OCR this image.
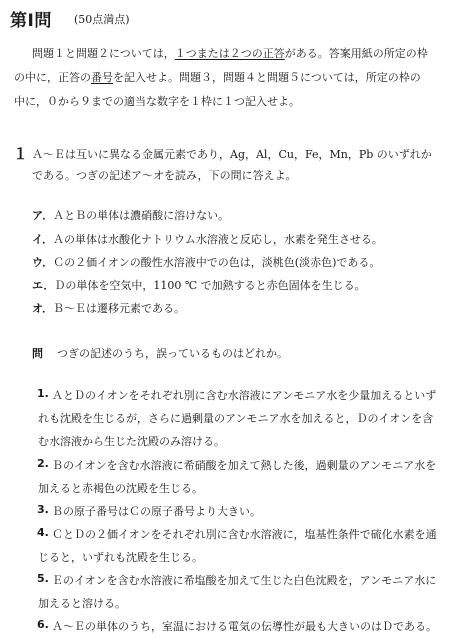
第Ⅰ問 (50点満点)
問題１と問題２については，１つまたは２つの正答がある。答案用紙の所定の枠
の中に，正答の番号を記入せよ。問題３，問題４と問題５については，所定の枠の
中に，０から９までの適当な数字を１枠に１つ記入せよ。
１ Ａ～Ｅは互いに異なる金属元素であり，Ag，Al，Cu，Fe，Mn，Pb のいずれか
である。つぎの記述ア～オを読み，下の問に答えよ。
ア．ＡとＢの単体は濃硝酸に溶けない。
イ．Ａの単体は水酸化ナトリウム水溶液と反応し，水素を発生させる。
ウ．Ｃの２価イオンの酸性水溶液中での色は，淡桃色(淡赤色)である。
エ．Ｄの単体を空気中，1100 ℃ で加熱すると赤色固体を生じる。
オ．Ｂ～Ｅは遷移元素である。
問 つぎの記述のうち，誤っているものはどれか。
1. ＡとＤのイオンをそれぞれ別に含む水溶液にアンモニア水を少量加えるといず
れも沈殿を生じるが，さらに過剰量のアンモニア水を加えると，Ｄのイオンを含
む水溶液から生じた沈殿のみ溶ける。
2. Ｂのイオンを含む水溶液に希硝酸を加えて熱した後，過剰量のアンモニア水を
加えると赤褐色の沈殿を生じる。
3. Ｂの原子番号はＣの原子番号より大きい。
4. ＣとＤの２価イオンをそれぞれ別に含む水溶液に，塩基性条件で硫化水素を通
じると，いずれも沈殿を生じる。
5. Ｅのイオンを含む水溶液に希塩酸を加えて生じた白色沈殿を，アンモニア水に
加えると溶ける。
6. Ａ～Ｅの単体のうち，室温における電気の伝導性が最も大きいのはＤである。
